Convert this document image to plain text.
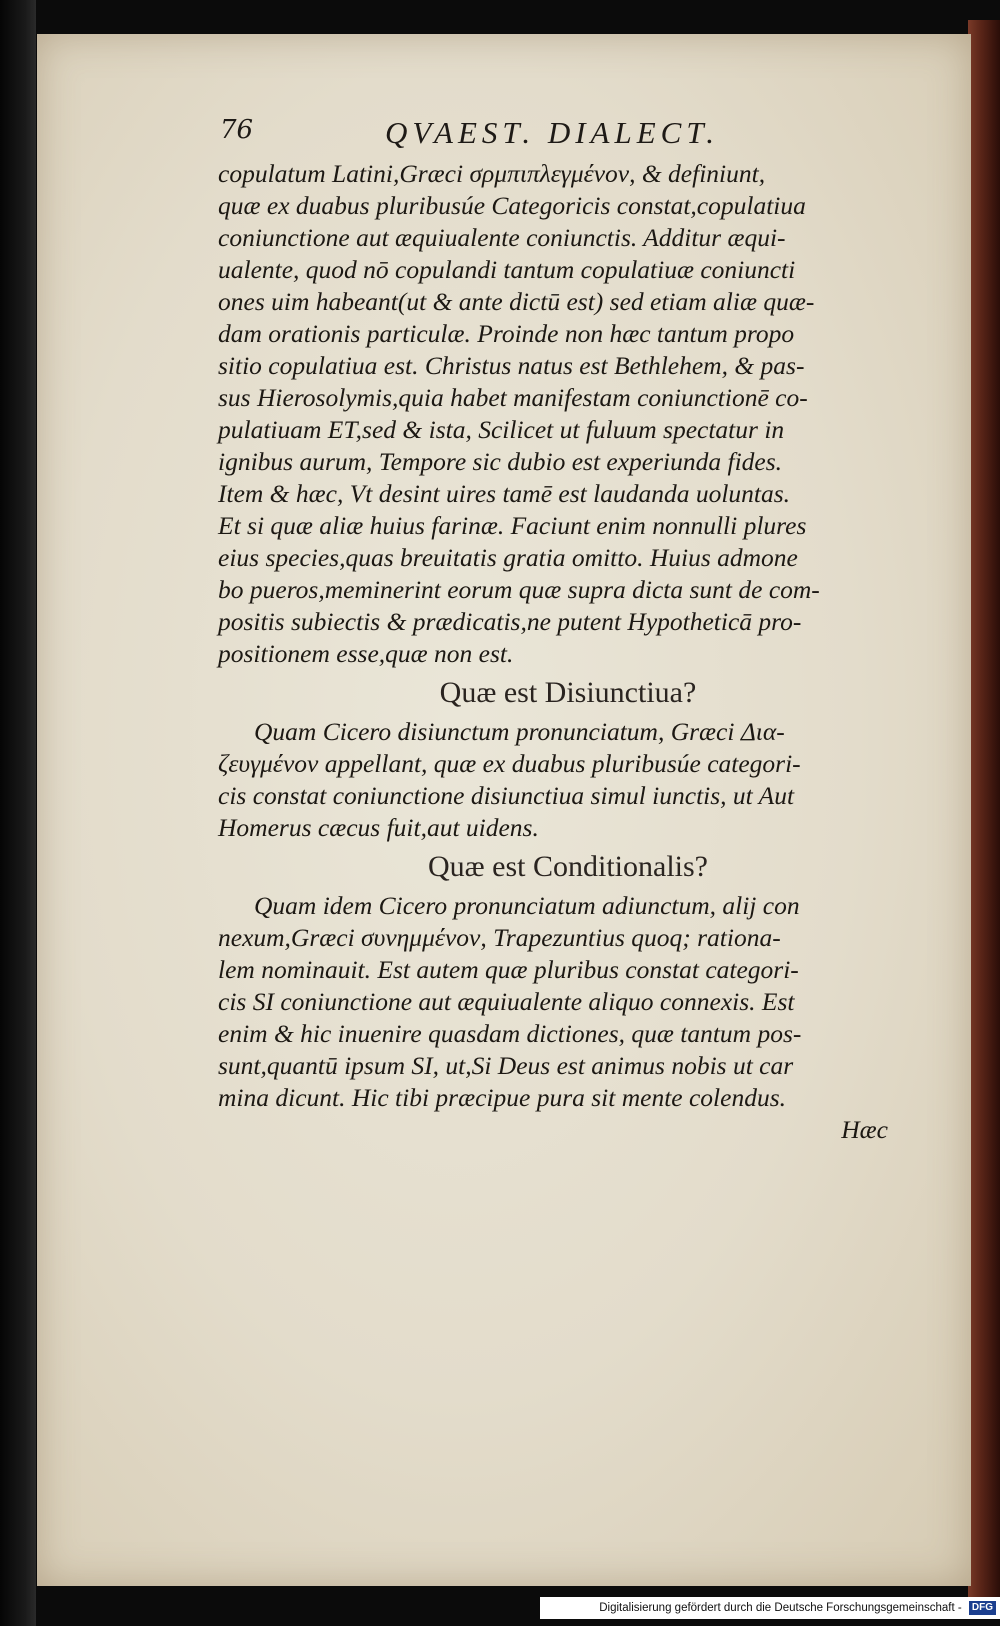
76	QVAEST. DIALECT.
copulatum Latini,Græci σρμπιπλεγμένον, & definiunt,
quæ ex duabus pluribusúe Categoricis constat,copulatiua
coniunctione aut æquiualente coniunctis. Additur æqui-
ualente, quod nō copulandi tantum copulatiuæ coniuncti
ones uim habeant(ut & ante dictū est) sed etiam aliæ quæ-
dam orationis particulæ. Proinde non hæc tantum propo
sitio copulatiua est. Christus natus est Bethlehem, & pas-
sus Hierosolymis,quia habet manifestam coniunctionē co-
pulatiuam ET,sed & ista, Scilicet ut fuluum spectatur in
ignibus aurum, Tempore sic dubio est experiunda fides.
Item & hæc, Vt desint uires tamē est laudanda uoluntas.
Et si quæ aliæ huius farinæ. Faciunt enim nonnulli plures
eius species,quas breuitatis gratia omitto. Huius admone
bo pueros,meminerint eorum quæ supra dicta sunt de com-
positis subiectis & prædicatis,ne putent Hypotheticā pro-
positionem esse,quæ non est.
Quæ est Disiunctiua?
Quam Cicero disiunctum pronunciatum, Græci Δια-
ζευγμένον appellant, quæ ex duabus pluribusúe categori-
cis constat coniunctione disiunctiua simul iunctis, ut Aut
Homerus cæcus fuit,aut uidens.
Quæ est Conditionalis?
Quam idem Cicero pronunciatum adiunctum, alij con
nexum,Græci συνημμένον, Trapezuntius quoq; rationa-
lem nominauit. Est autem quæ pluribus constat categori-
cis SI coniunctione aut æquiualente aliquo connexis. Est
enim & hic inuenire quasdam dictiones, quæ tantum pos-
sunt,quantū ipsum SI, ut,Si Deus est animus nobis ut car
mina dicunt. Hic tibi præcipue pura sit mente colendus.
Hæc
Digitalisierung gefördert durch die Deutsche Forschungsgemeinschaft - DFG
